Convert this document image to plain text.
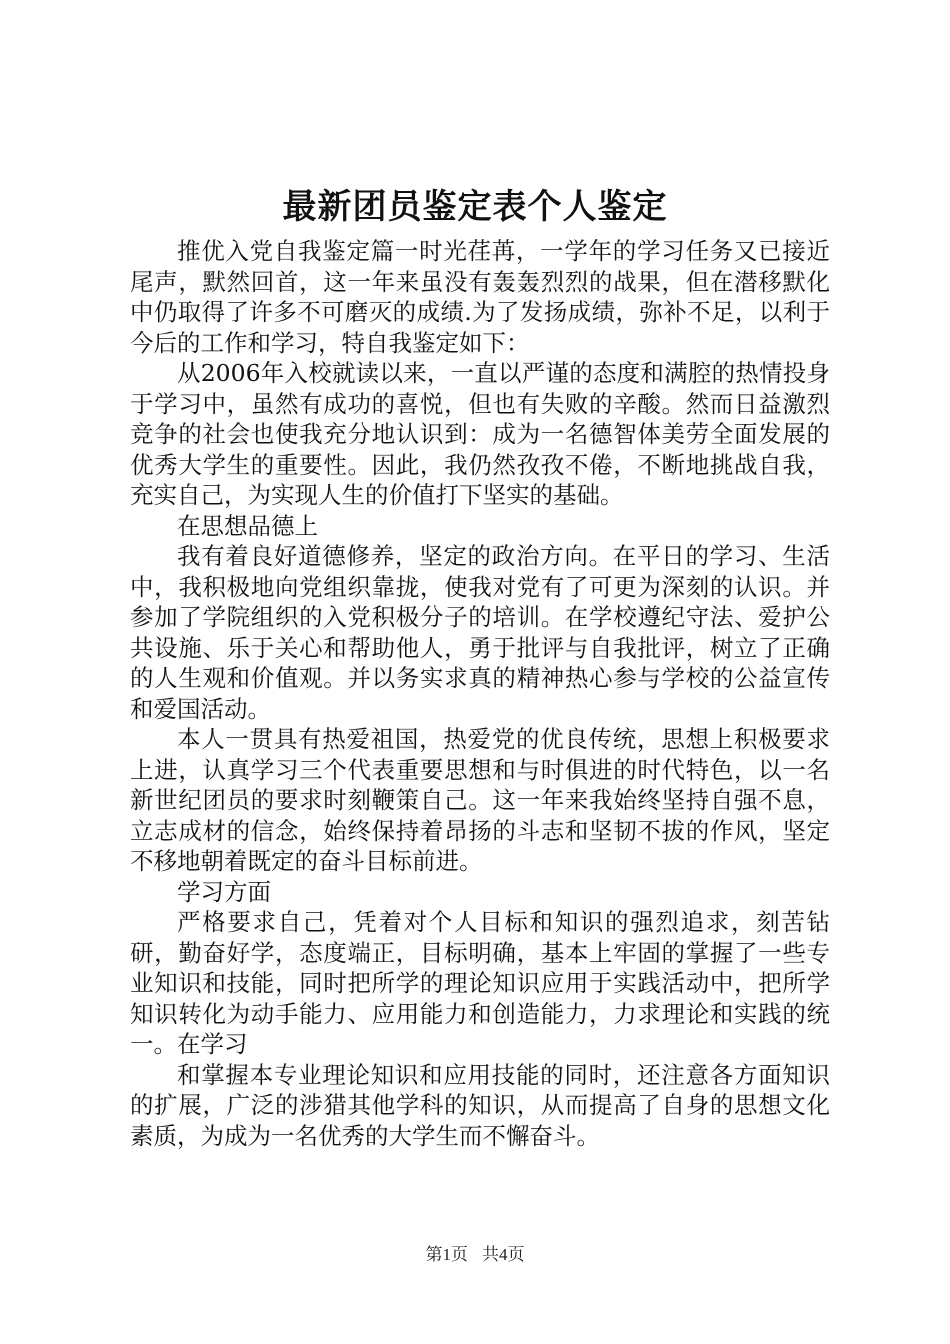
最新团员鉴定表个人鉴定

推优入党自我鉴定篇一时光荏苒，一学年的学习任务又已接近尾声，默然回首，这一年来虽没有轰轰烈烈的战果，但在潜移默化中仍取得了许多不可磨灭的成绩.为了发扬成绩，弥补不足，以利于今后的工作和学习，特自我鉴定如下：

从2006年入校就读以来，一直以严谨的态度和满腔的热情投身于学习中，虽然有成功的喜悦，但也有失败的辛酸。然而日益激烈竞争的社会也使我充分地认识到：成为一名德智体美劳全面发展的优秀大学生的重要性。因此，我仍然孜孜不倦，不断地挑战自我，充实自己，为实现人生的价值打下坚实的基础。

在思想品德上

我有着良好道德修养，坚定的政治方向。在平日的学习、生活中，我积极地向党组织靠拢，使我对党有了可更为深刻的认识。并参加了学院组织的入党积极分子的培训。在学校遵纪守法、爱护公共设施、乐于关心和帮助他人，勇于批评与自我批评，树立了正确的人生观和价值观。并以务实求真的精神热心参与学校的公益宣传和爱国活动。

本人一贯具有热爱祖国，热爱党的优良传统，思想上积极要求上进，认真学习三个代表重要思想和与时俱进的时代特色，以一名新世纪团员的要求时刻鞭策自己。这一年来我始终坚持自强不息，立志成材的信念，始终保持着昂扬的斗志和坚韧不拔的作风，坚定不移地朝着既定的奋斗目标前进。

学习方面

严格要求自己，凭着对个人目标和知识的强烈追求，刻苦钻研，勤奋好学，态度端正，目标明确，基本上牢固的掌握了一些专业知识和技能，同时把所学的理论知识应用于实践活动中，把所学知识转化为动手能力、应用能力和创造能力，力求理论和实践的统一。在学习

和掌握本专业理论知识和应用技能的同时，还注意各方面知识的扩展，广泛的涉猎其他学科的知识，从而提高了自身的思想文化素质，为成为一名优秀的大学生而不懈奋斗。

第1页 共4页
